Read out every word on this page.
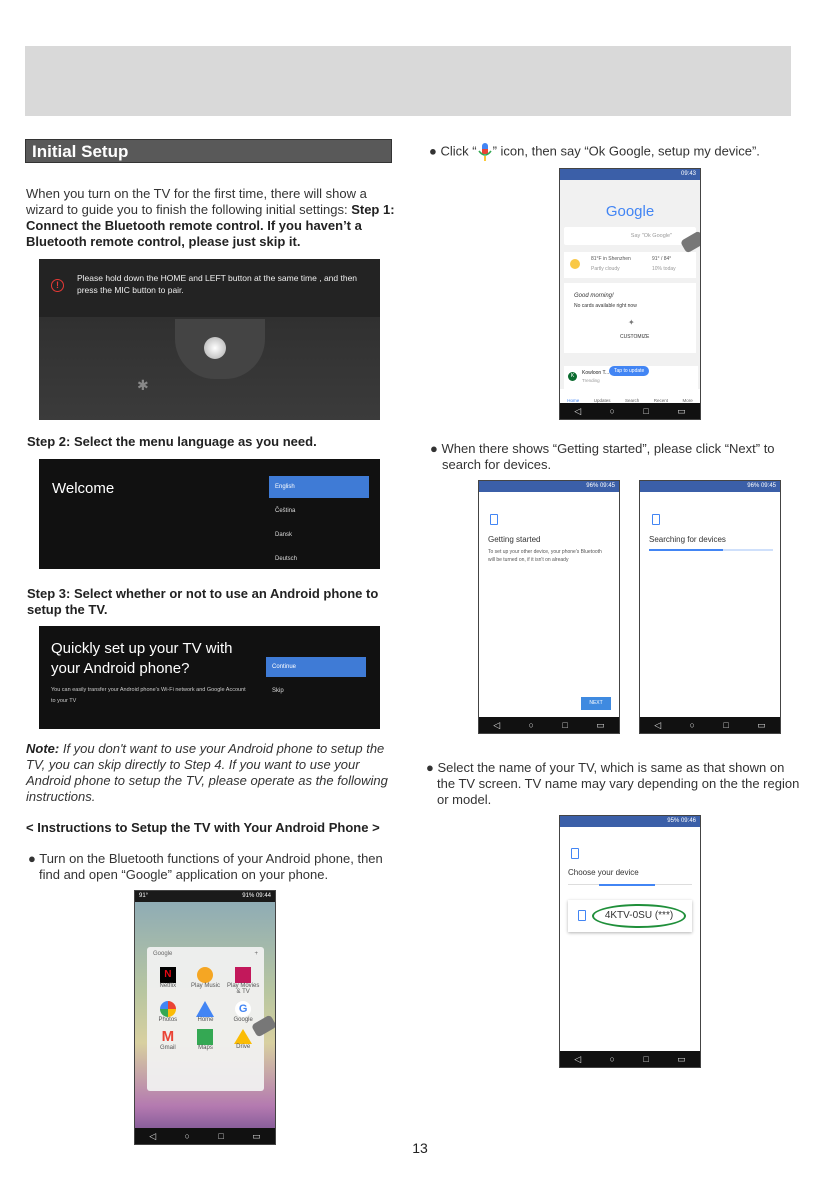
Initial Setup
When you turn on the TV for the first time, there will show a wizard to guide you to finish the following initial settings: Step 1: Connect the Bluetooth remote control. If you haven’t a Bluetooth remote control, please just skip it.
!
Please hold down the HOME and LEFT button at the same time , and then press the MIC button to pair.
✱
Step 2: Select the menu language as you need.
Welcome	English
Čeština
Dansk
Deutsch
Step 3: Select whether or not to use an Android phone to setup the TV.
Quickly set up your TV with your Android phone?
You can easily transfer your Android phone's Wi-Fi network and Google Account to your TV
Continue
Skip
Note: If you don't want to use your Android phone to setup the TV, you can skip directly to Step 4. If you want to use your Android phone to setup the TV, please operate as the following instructions.
< Instructions to Setup the TV with Your Android Phone >
● Turn on the Bluetooth functions of your Android phone, then find and open “Google” application on your phone.
91°	91% 09:44
Google	+
N
Netflix	Play Music	Play Movies & TV
Photos	Home
G
Google
M
Gmail	Maps	Drive
◁	○	□	▭
● Click “ ” icon, then say “Ok Google, setup my device”.
09:43
Google
Say "Ok Google"
81°F in Shenzhen
Partly cloudy
91° / 84°
10% today
Good morning!
No cards available right now
✦
CUSTOMIZE
K	Kowloon T...
Trending
Tap to update
Home	Updates	Search	Recent	More
◁	○	□	▭
● When there shows “Getting started”, please click “Next” to search for devices.
96% 09:45
Getting started
To set up your other device, your phone's Bluetooth will be turned on, if it isn't on already
NEXT
◁	○	□	▭
96% 09:45
Searching for devices
◁	○	□	▭
● Select the name of your TV, which is same as that shown on the TV screen. TV name may vary depending on the the region or model.
95% 09:46
Choose your device
4KTV-0SU (***)
◁	○	□	▭
13
